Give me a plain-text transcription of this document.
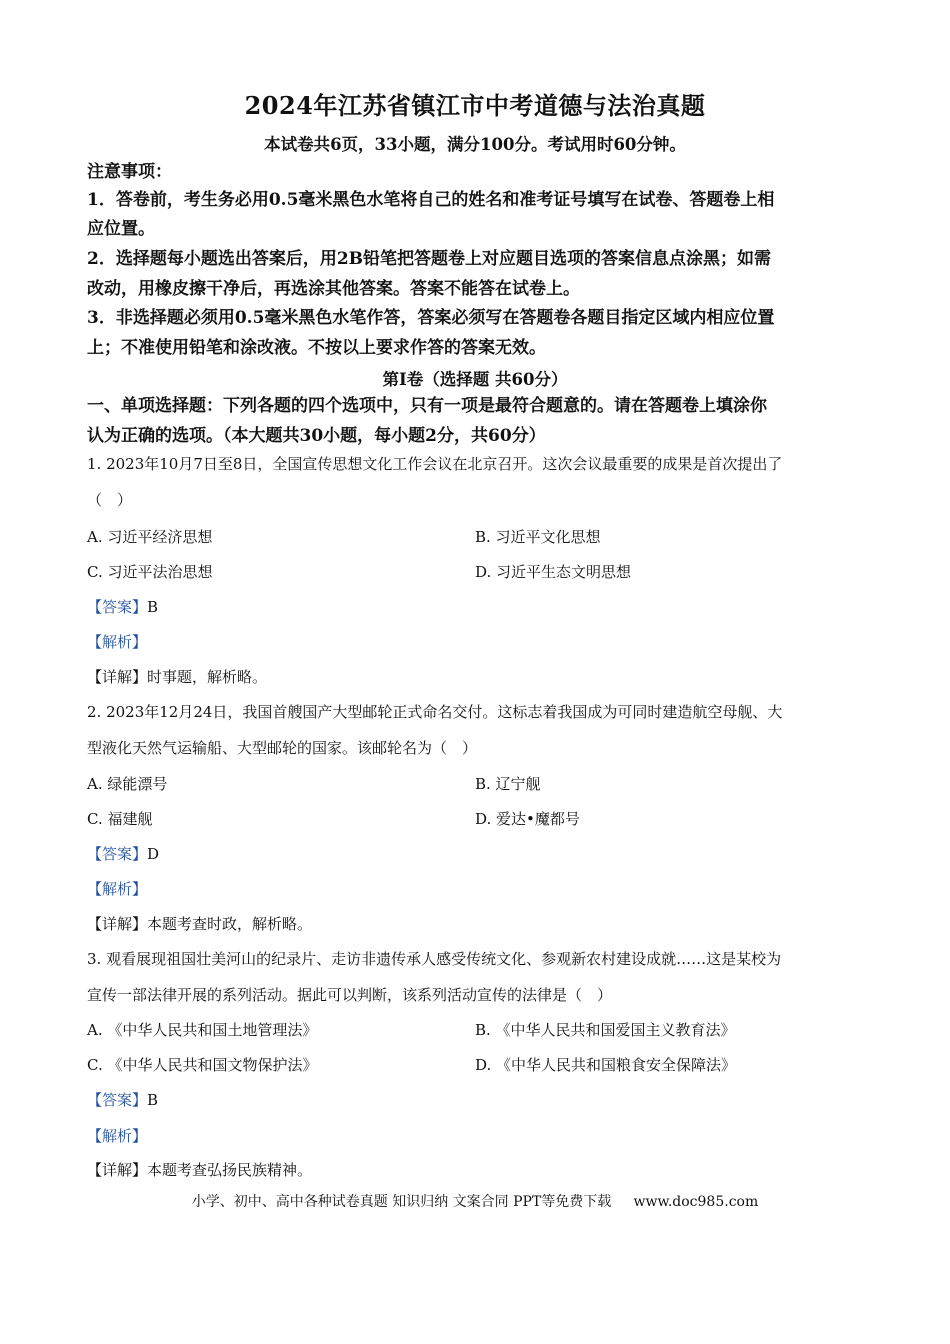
2024年江苏省镇江市中考道德与法治真题
本试卷共6页，33小题，满分100分。考试用时60分钟。
注意事项：
1．答卷前，考生务必用0.5毫米黑色水笔将自己的姓名和准考证号填写在试卷、答题卷上相
应位置。
2．选择题每小题选出答案后，用2B铅笔把答题卷上对应题目选项的答案信息点涂黑；如需
改动，用橡皮擦干净后，再选涂其他答案。答案不能答在试卷上。
3．非选择题必须用0.5毫米黑色水笔作答，答案必须写在答题卷各题目指定区域内相应位置
上；不准使用铅笔和涂改液。不按以上要求作答的答案无效。
第Ⅰ卷（选择题 共60分）
一、单项选择题：下列各题的四个选项中，只有一项是最符合题意的。请在答题卷上填涂你
认为正确的选项。（本大题共30小题，每小题2分，共60分）
1. 2023年10月7日至8日，全国宣传思想文化工作会议在北京召开。这次会议最重要的成果是首次提出了
（　）
A. 习近平经济思想	B. 习近平文化思想
C. 习近平法治思想	D. 习近平生态文明思想
【答案】B
【解析】
【详解】时事题，解析略。
2. 2023年12月24日，我国首艘国产大型邮轮正式命名交付。这标志着我国成为可同时建造航空母舰、大
型液化天然气运输船、大型邮轮的国家。该邮轮名为（　）
A. 绿能漂号	B. 辽宁舰
C. 福建舰	D. 爱达•魔都号
【答案】D
【解析】
【详解】本题考查时政，解析略。
3. 观看展现祖国壮美河山的纪录片、走访非遗传承人感受传统文化、参观新农村建设成就……这是某校为
宣传一部法律开展的系列活动。据此可以判断，该系列活动宣传的法律是（　）
A. 《中华人民共和国土地管理法》	B. 《中华人民共和国爱国主义教育法》
C. 《中华人民共和国文物保护法》	D. 《中华人民共和国粮食安全保障法》
【答案】B
【解析】
【详解】本题考查弘扬民族精神。
小学、初中、高中各种试卷真题 知识归纳 文案合同 PPT等免费下载 www.doc985.com
